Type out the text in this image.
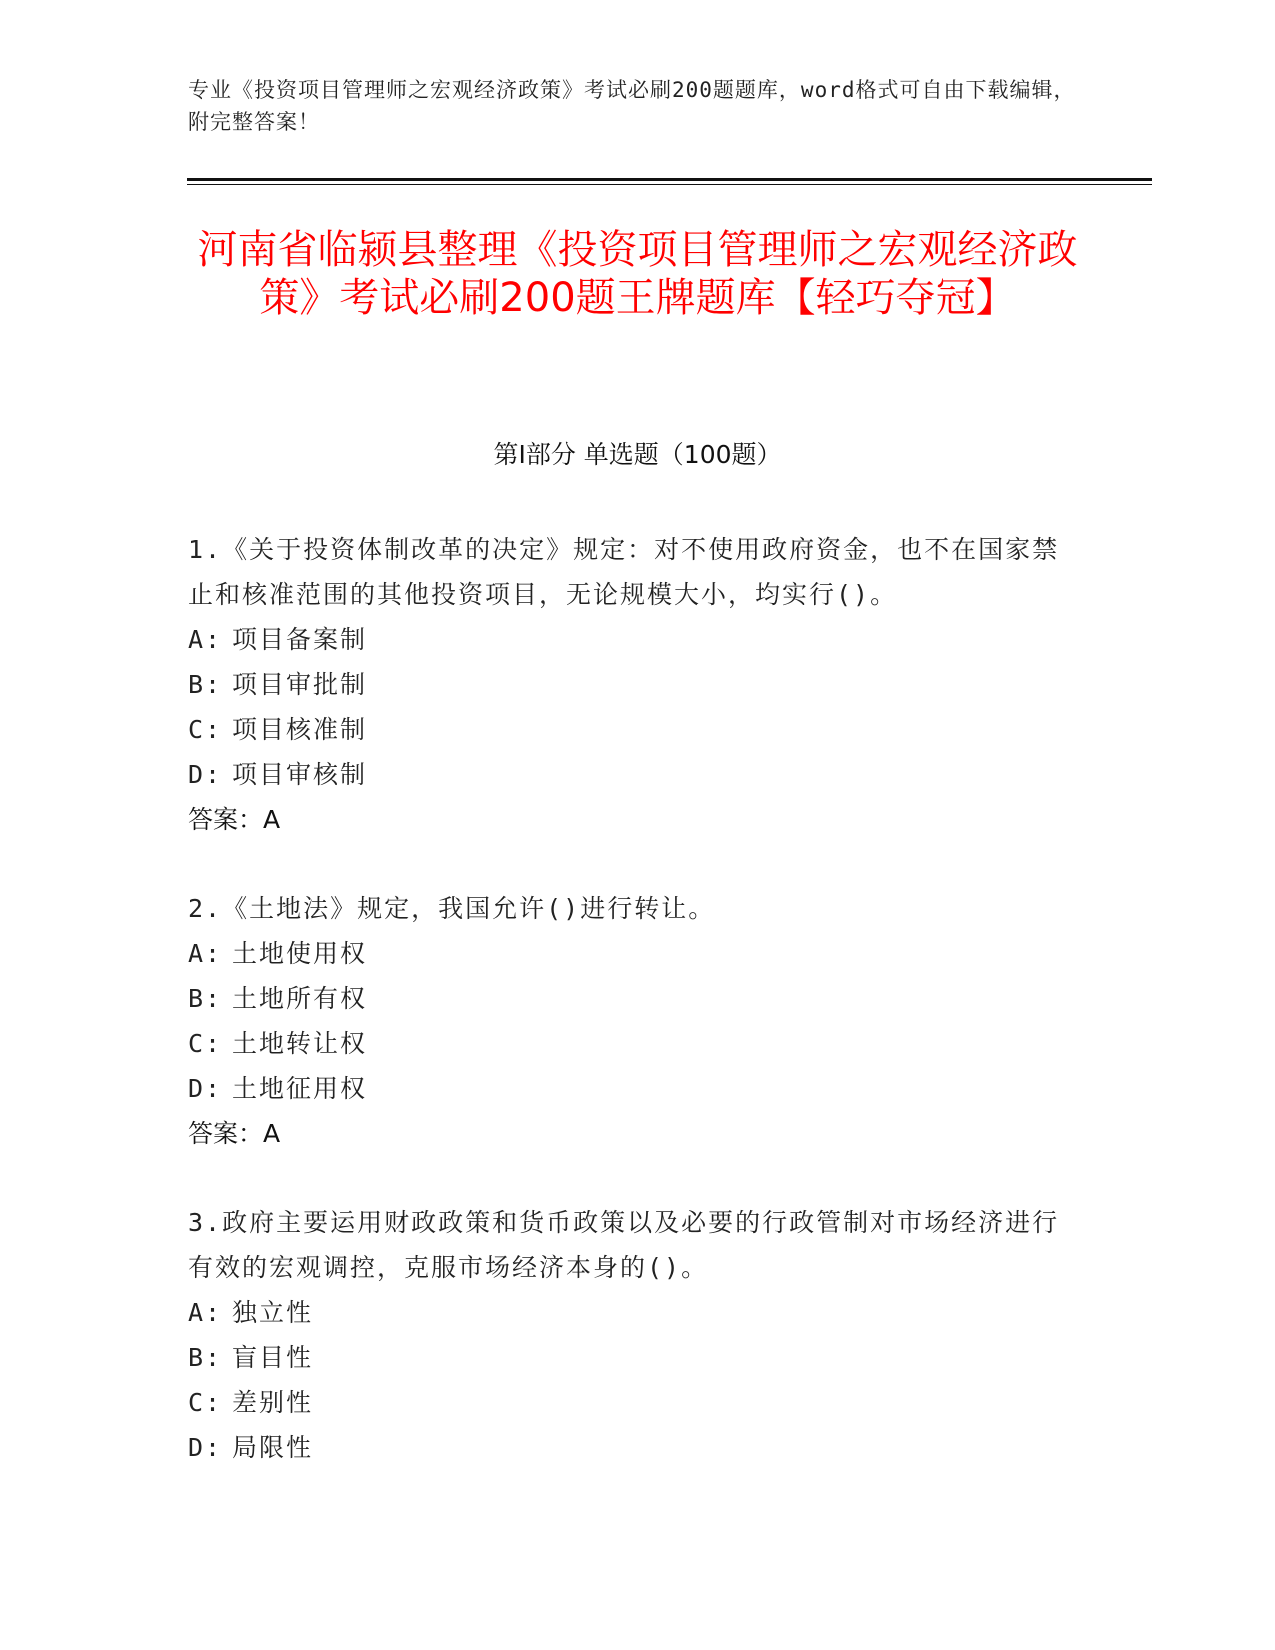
专业《投资项目管理师之宏观经济政策》考试必刷200题题库，word格式可自由下载编辑，附完整答案！
河南省临颍县整理《投资项目管理师之宏观经济政策》考试必刷200题王牌题库【轻巧夺冠】
第Ⅰ部分 单选题（100题）
1.《关于投资体制改革的决定》规定：对不使用政府资金，也不在国家禁止和核准范围的其他投资项目，无论规模大小，均实行()。
A: 项目备案制
B: 项目审批制
C: 项目核准制
D: 项目审核制
答案：A
2.《土地法》规定，我国允许()进行转让。
A: 土地使用权
B: 土地所有权
C: 土地转让权
D: 土地征用权
答案：A
3.政府主要运用财政政策和货币政策以及必要的行政管制对市场经济进行有效的宏观调控，克服市场经济本身的()。
A: 独立性
B: 盲目性
C: 差别性
D: 局限性
